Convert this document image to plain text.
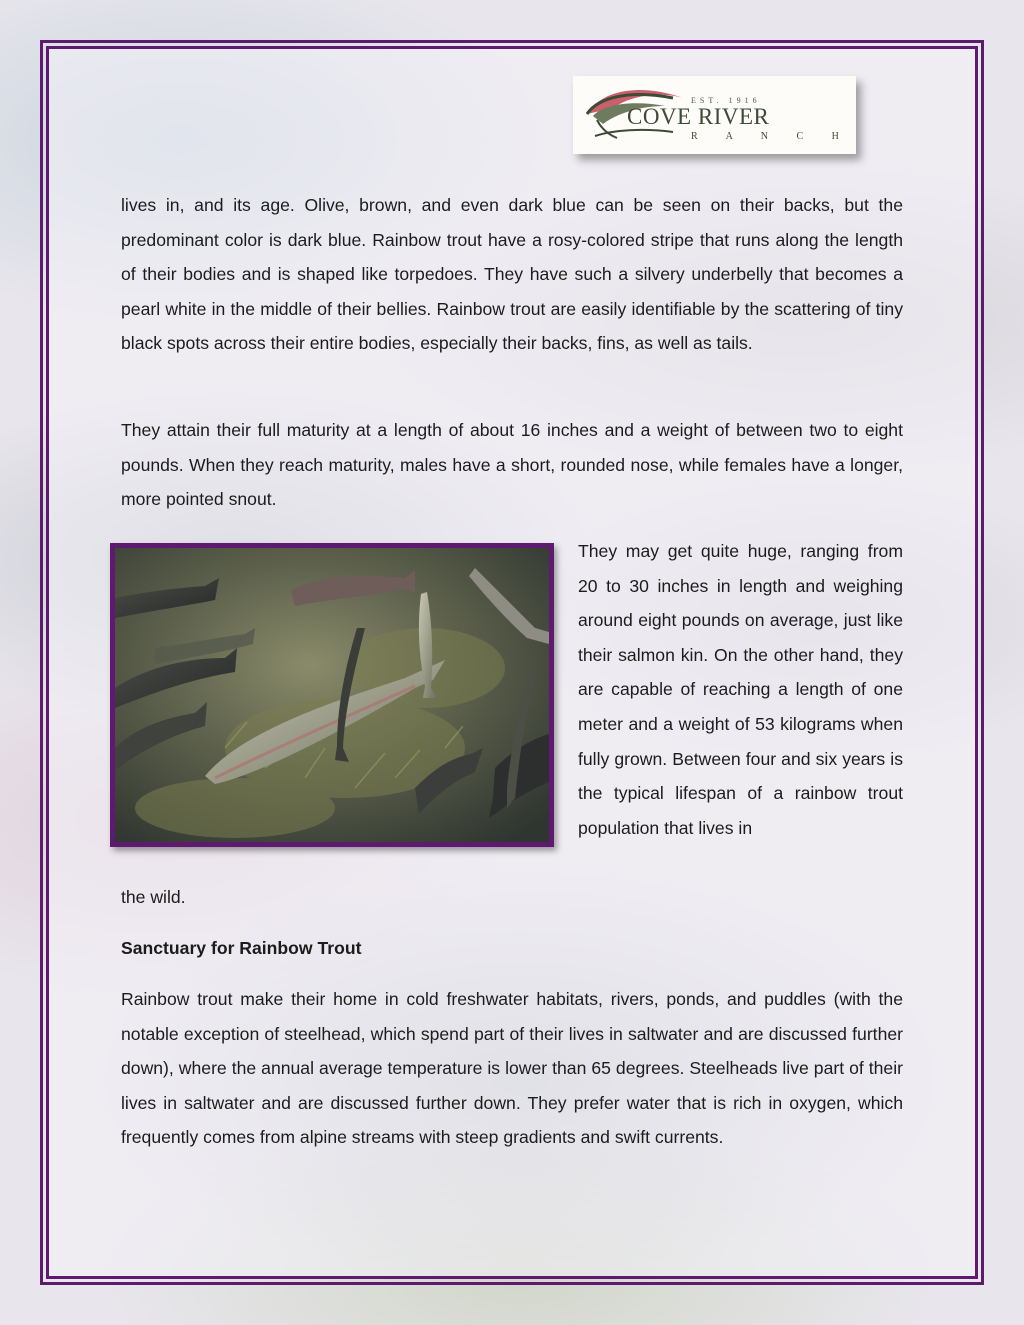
EST. 1916
COVE RIVER
R A N C H

lives in, and its age. Olive, brown, and even dark blue can be seen on their backs, but the predominant color is dark blue. Rainbow trout have a rosy-colored stripe that runs along the length of their bodies and is shaped like torpedoes. They have such a silvery underbelly that becomes a pearl white in the middle of their bellies. Rainbow trout are easily identifiable by the scattering of tiny black spots across their entire bodies, especially their backs, fins, as well as tails.

They attain their full maturity at a length of about 16 inches and a weight of between two to eight pounds. When they reach maturity, males have a short, rounded nose, while females have a longer, more pointed snout.

They may get quite huge, ranging from 20 to 30 inches in length and weighing around eight pounds on average, just like their salmon kin. On the other hand, they are capable of reaching a length of one meter and a weight of 53 kilograms when fully grown. Between four and six years is the typical lifespan of a rainbow trout population that lives in

the wild.

Sanctuary for Rainbow Trout

Rainbow trout make their home in cold freshwater habitats, rivers, ponds, and puddles (with the notable exception of steelhead, which spend part of their lives in saltwater and are discussed further down), where the annual average temperature is lower than 65 degrees. Steelheads live part of their lives in saltwater and are discussed further down. They prefer water that is rich in oxygen, which frequently comes from alpine streams with steep gradients and swift currents.
